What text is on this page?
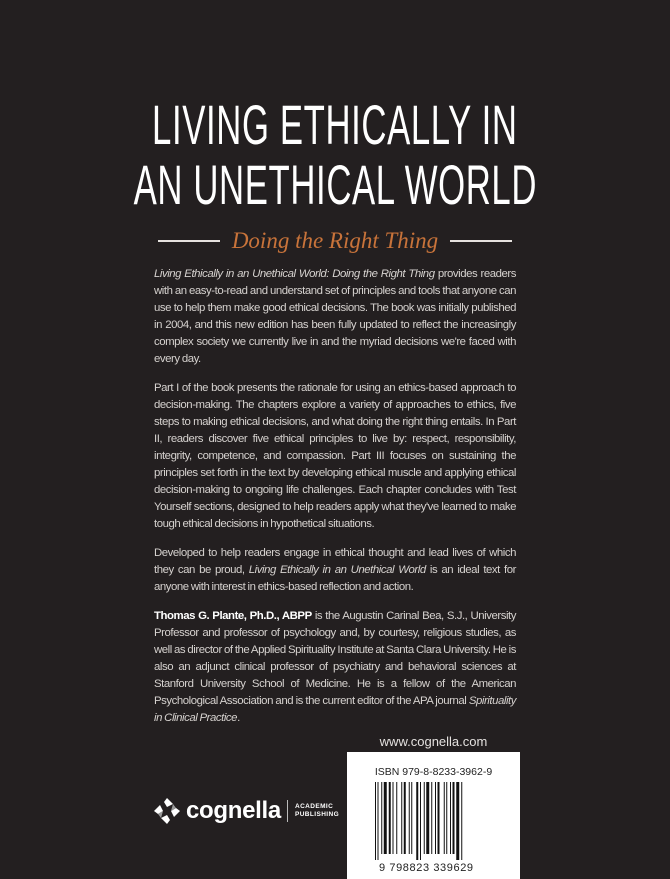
LIVING ETHICALLY IN
AN UNETHICAL WORLD
Doing the Right Thing

Living Ethically in an Unethical World: Doing the Right Thing provides readers with an easy-to-read and understand set of principles and tools that anyone can use to help them make good ethical decisions. The book was initially published in 2004, and this new edition has been fully updated to reflect the increasingly complex society we currently live in and the myriad decisions we're faced with every day.

Part I of the book presents the rationale for using an ethics-based approach to decision-making. The chapters explore a variety of approaches to ethics, five steps to making ethical decisions, and what doing the right thing entails. In Part II, readers discover five ethical principles to live by: respect, responsibility, integrity, competence, and compassion. Part III focuses on sustaining the principles set forth in the text by developing ethical muscle and applying ethical decision-making to ongoing life challenges. Each chapter concludes with Test Yourself sections, designed to help readers apply what they've learned to make tough ethical decisions in hypothetical situations.

Developed to help readers engage in ethical thought and lead lives of which they can be proud, Living Ethically in an Unethical World is an ideal text for anyone with interest in ethics-based reflection and action.

Thomas G. Plante, Ph.D., ABPP is the Augustin Carinal Bea, S.J., University Professor and professor of psychology and, by courtesy, religious studies, as well as director of the Applied Spirituality Institute at Santa Clara University. He is also an adjunct clinical professor of psychiatry and behavioral sciences at Stanford University School of Medicine. He is a fellow of the American Psychological Association and is the current editor of the APA journal Spirituality in Clinical Practice.

www.cognella.com
ISBN 979-8-8233-3962-9
9 798823 339629
cognella ACADEMIC
PUBLISHING
